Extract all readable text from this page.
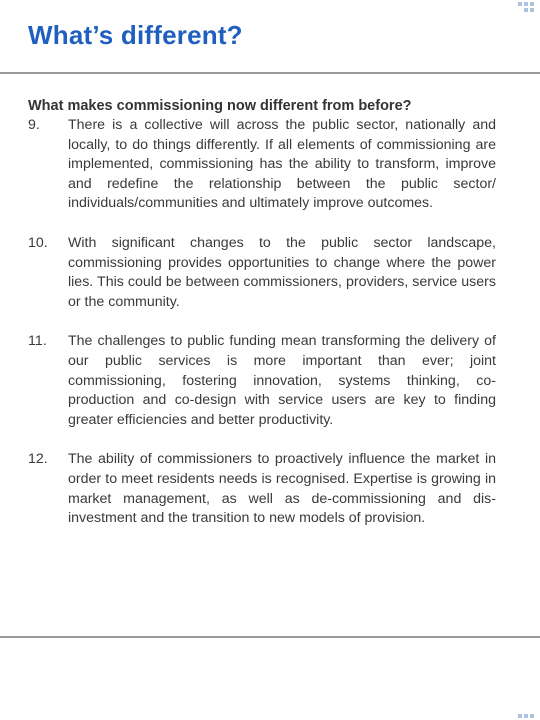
What’s different?

What makes commissioning now different from before?

9.	There is a collective will across the public sector, nationally and locally, to do things differently. If all elements of commissioning are implemented, commissioning has the ability to transform, improve and redefine the relationship between the public sector/ individuals/communities and ultimately improve outcomes.
10.	With significant changes to the public sector landscape, commissioning provides opportunities to change where the power lies. This could be between commissioners, providers, service users or the community.
11.	The challenges to public funding mean transforming the delivery of our public services is more important than ever; joint commissioning, fostering innovation, systems thinking, co-production and co-design with service users are key to finding greater efficiencies and better productivity.
12.	The ability of commissioners to proactively influence the market in order to meet residents needs is recognised. Expertise is growing in market management, as well as de-commissioning and dis-investment and the transition to new models of provision.
